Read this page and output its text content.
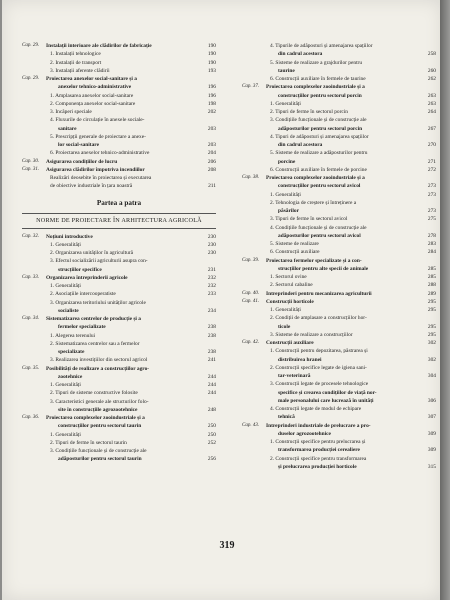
Cap. 29. Instalații interioare ale clădirilor de fabricație	190
1. Instalații tehnologice	190
2. Instalații de transport	190
3. Instalații aferente clădirii	193
Cap. 29. Proiectarea anexelor social-sanitare și a
anexelor tehnico-administrative	196
1. Amplasarea anexelor social-sanitare	196
2. Componența anexelor social-sanitare	198
3. Incăperi speciale	202
4. Fluxurile de circulație în anexele sociale-
sanitare	203
5. Prescripții generale de proiectare a anexe-
lor social-sanitare	203
6. Proiectarea anexelor tehnico-administrative	204
Cap. 30. Asigurarea condițiilor de lucru	206
Cap. 31. Asigurarea clădirilor împotriva incendiilor	208
Realizări deosebite în proiectarea și executarea
de obiective industriale în țara noastră	211
Partea a patra
NORME DE PROIECTARE ÎN ARHITECTURA AGRICOLĂ
Cap. 32. Noțiuni introductive	230
1. Generalități	230
2. Organizarea unităților în agricultură	230
3. Efectul socializării agriculturii asupra con-
strucțiilor specifice	231
Cap. 33. Organizarea întreprinderii agricole	232
1. Generalități	232
2. Asociațiile intercooperatiste	233
3. Organizarea teritoriului unităților agricole
socialiste	234
Cap. 34. Sistematizarea centrelor de producție și a
fermelor specializate	238
1. Alegerea terenului	238
2. Sistematizarea centrelor sau a fermelor
specializate	238
3. Realizarea investițiilor din sectorul agricol	241
Cap. 35. Posibilități de realizare a construcțiilor agro-
zootehnice	244
1. Generalități	244
2. Tipuri de sisteme constructive folosite	244
3. Caracteristici generale ale structurilor folo-
site în construcțiile agrozootehnice	248
Cap. 36. Proiectarea complexelor zooindustriale și a
construcțiilor pentru sectorul taurin	250
1. Generalități	250
2. Tipuri de ferme în sectorul taurin	252
3. Condițiile funcționale și de construcție ale
adăposturilor pentru sectorul taurin	256
4. Tipurile de adăposturi și amenajarea spațiilor
din cadrul acestora	258
5. Sisteme de realizare a grajdurilor pentru
taurine	260
6. Construcții auxiliare în fermele de taurine	262
Cap. 37. Proiectarea complexelor zooindustriale și a
construcțiilor pentru sectorul porcin	263
1. Generalități	263
2. Tipuri de ferme în sectorul porcin	264
3. Condițiile funcționale și de construcție ale
adăposturilor pentru sectorul porcin	267
4. Tipuri de adăposturi și amenajarea spațiilor
din cadrul acestora	270
5. Sisteme de realizare a adăposturilor pentru
porcine	271
6. Construcții auxiliare în fermele de porcine	272
Cap. 38. Proiectarea complexelor zooindustriale și a
construcțiilor pentru sectorul avicol	273
1. Generalități	273
2. Tehnologia de creștere și întreținere a
păsărilor	273
3. Tipuri de ferme în sectorul avicol	275
4. Condițiile funcționale și de construcție ale
adăposturilor pentru sectorul avicol	278
5. Sisteme de realizare	283
6. Construcții auxiliare	284
Cap. 39. Proiectarea fermelor specializate și a con-
strucțiilor pentru alte specii de animale	285
1. Sectorul ovine	285
2. Sectorul cabaline	288
Cap. 40. Intreprinderi pentru mecanizarea agriculturii	289
Cap. 41. Construcții horticole	295
1. Generalități	295
2. Condiții de amplasare a construcțiilor hor-
ticole	295
3. Sisteme de realizare a construcțiilor	295
Cap. 42. Construcții auxiliare	302
1. Construcții pentru depozitarea, păstrarea și
distribuirea hranei	302
2. Construcții specifice legate de igiena sani-
tar-veterinară	304
3. Construcții legate de procesele tehnologice
specifice și crearea condițiilor de viață nor-
male personalului care lucrează în unități	306
4. Construcții legate de modul de echipare
tehnică	307
Cap. 43. Intreprinderi industriale de prelucrare a pro-
duselor agrozootehnice	309
1. Construcții specifice pentru prelucrarea și
transformarea producției cerealiere	309
2. Construcții specifice pentru transformarea
și prelucrarea producției horticole	315
319
